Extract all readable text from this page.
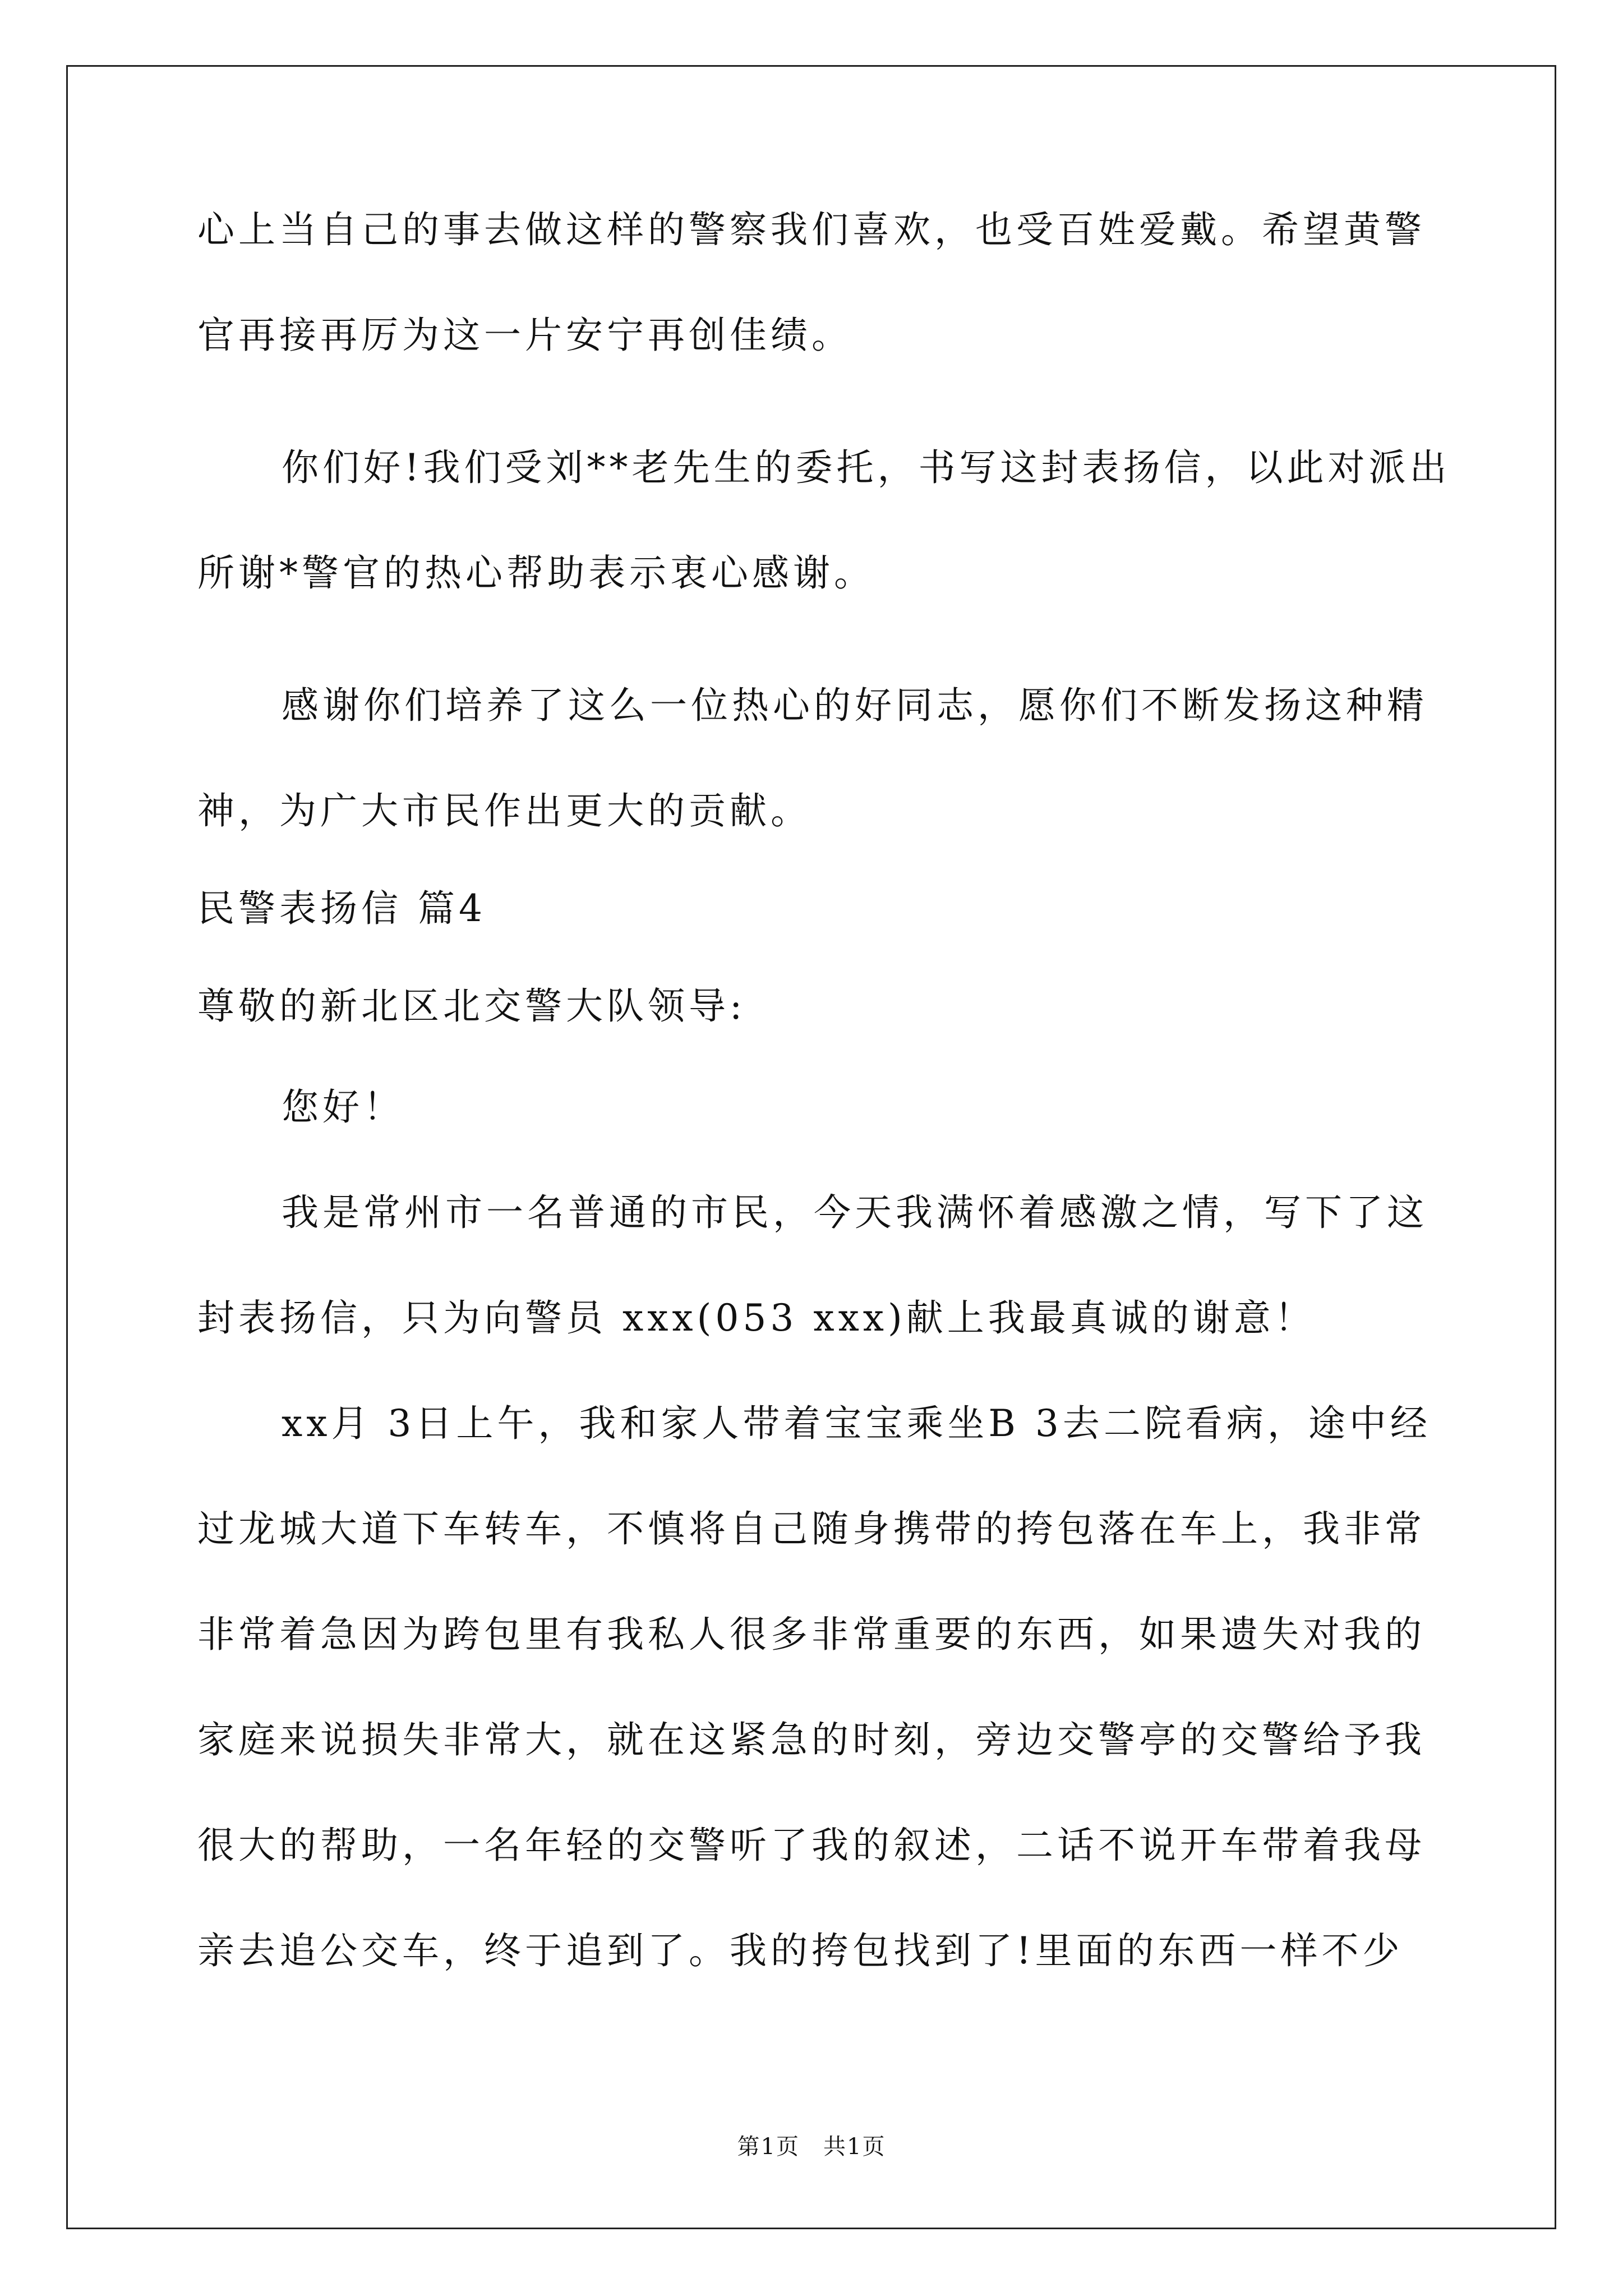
心上当自己的事去做这样的警察我们喜欢，也受百姓爱戴。希望黄警
官再接再厉为这一片安宁再创佳绩。
你们好!我们受刘**老先生的委托，书写这封表扬信，以此对派出
所谢*警官的热心帮助表示衷心感谢。
感谢你们培养了这么一位热心的好同志，愿你们不断发扬这种精
神，为广大市民作出更大的贡献。
民警表扬信 篇4
尊敬的新北区北交警大队领导:
您好！
我是常州市一名普通的市民，今天我满怀着感激之情，写下了这
封表扬信，只为向警员 xxx(053 xxx)献上我最真诚的谢意！
xx月 3日上午，我和家人带着宝宝乘坐B 3去二院看病，途中经
过龙城大道下车转车，不慎将自己随身携带的挎包落在车上，我非常
非常着急因为跨包里有我私人很多非常重要的东西，如果遗失对我的
家庭来说损失非常大，就在这紧急的时刻，旁边交警亭的交警给予我
很大的帮助，一名年轻的交警听了我的叙述，二话不说开车带着我母
亲去追公交车，终于追到了。我的挎包找到了!里面的东西一样不少
第1页　共1页
